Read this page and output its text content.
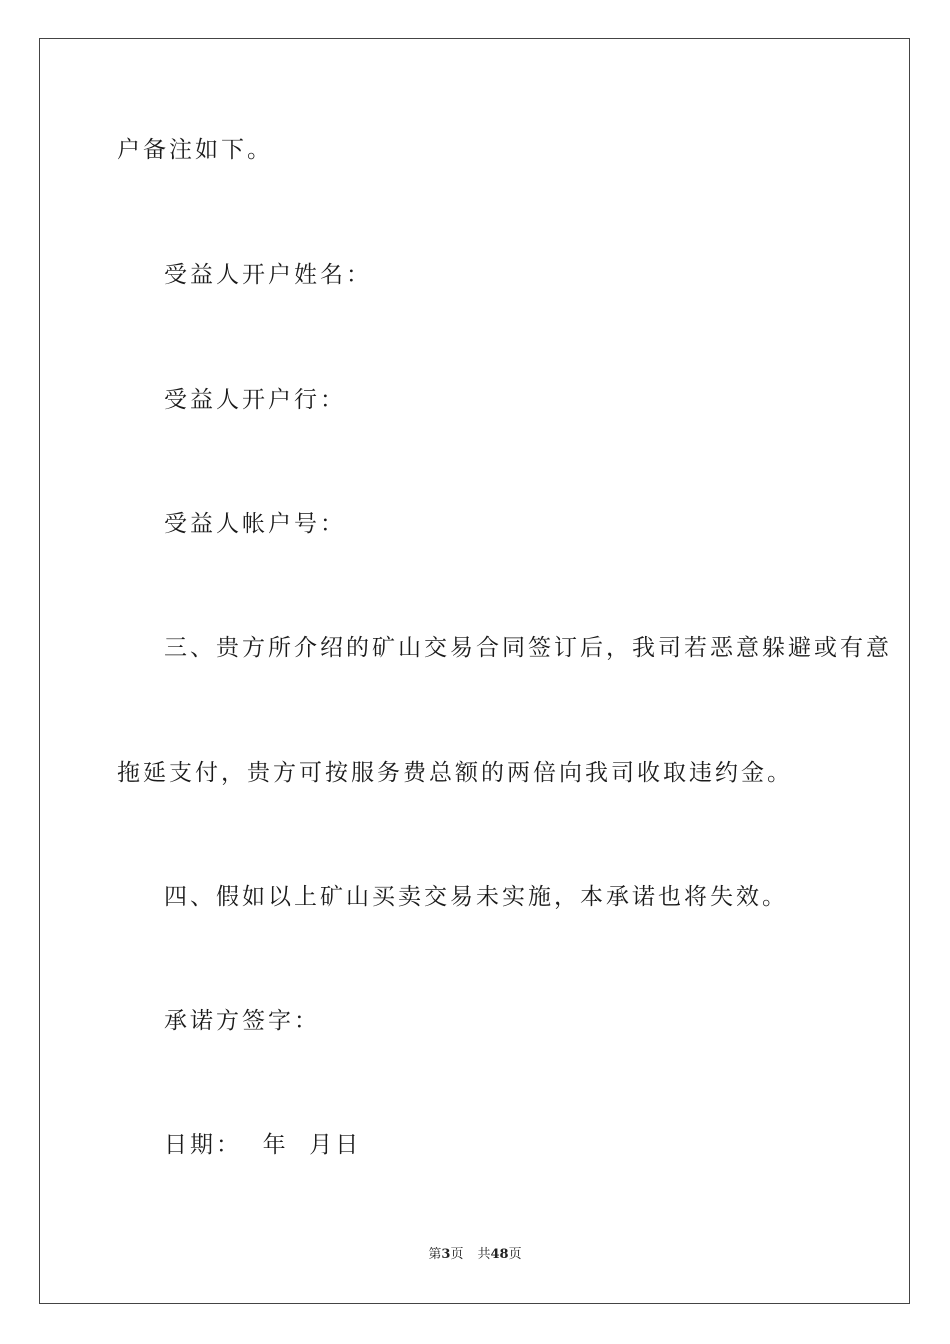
户备注如下。
受益人开户姓名：
受益人开户行：
受益人帐户号：
三、贵方所介绍的矿山交易合同签订后，我司若恶意躲避或有意
拖延支付，贵方可按服务费总额的两倍向我司收取违约金。
四、假如以上矿山买卖交易未实施，本承诺也将失效。
承诺方签字：
日期：  年  月日
第3页 共48页
